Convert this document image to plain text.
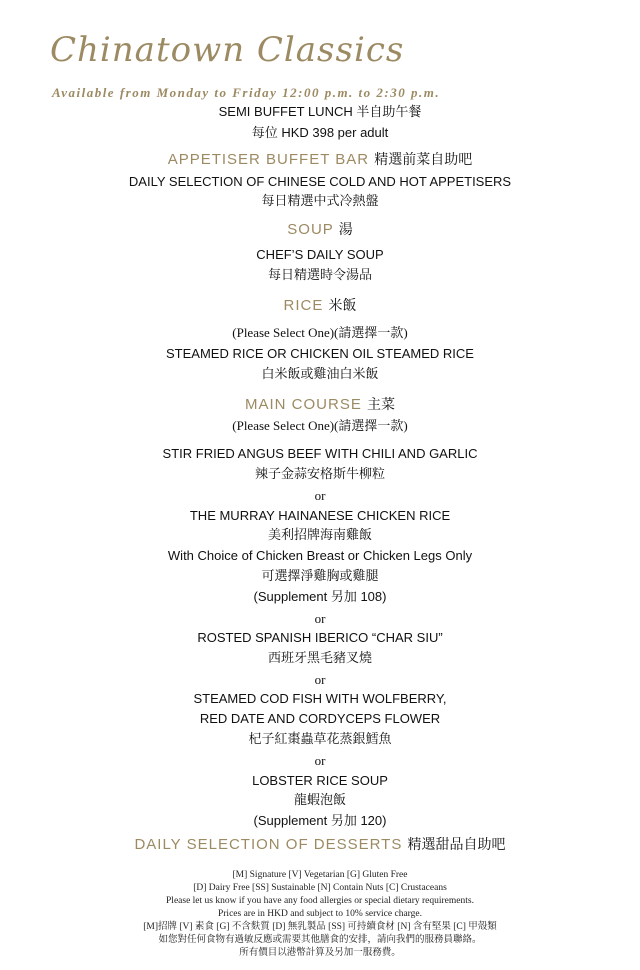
Chinatown Classics
Available from Monday to Friday 12:00 p.m. to 2:30 p.m.
SEMI BUFFET LUNCH 半自助午餐
每位 HKD 398 per adult
APPETISER BUFFET BAR 精選前菜自助吧
DAILY SELECTION OF CHINESE COLD AND HOT APPETISERS
每日精選中式冷熱盤
SOUP 湯
CHEF’S DAILY SOUP
每日精選時令湯品
RICE 米飯
(Please Select One)(請選擇一款)
STEAMED RICE OR CHICKEN OIL STEAMED RICE
白米飯或雞油白米飯
MAIN COURSE 主菜
(Please Select One)(請選擇一款)
STIR FRIED ANGUS BEEF WITH CHILI AND GARLIC
辣子金蒜安格斯牛柳粒
or
THE MURRAY HAINANESE CHICKEN RICE
美利招牌海南雞飯
With Choice of Chicken Breast or Chicken Legs Only
可選擇淨雞胸或雞腿
(Supplement 另加 108)
or
ROSTED SPANISH IBERICO “CHAR SIU”
西班牙黑毛豬叉燒
or
STEAMED COD FISH WITH WOLFBERRY,
RED DATE AND CORDYCEPS FLOWER
杞子紅棗蟲草花蒸銀鱈魚
or
LOBSTER RICE SOUP
龍蝦泡飯
(Supplement 另加 120)
DAILY SELECTION OF DESSERTS 精選甜品自助吧
[M] Signature [V] Vegetarian [G] Gluten Free
[D] Dairy Free [SS] Sustainable [N] Contain Nuts [C] Crustaceans
Please let us know if you have any food allergies or special dietary requirements.
Prices are in HKD and subject to 10% service charge.
[M]招牌 [V] 素食 [G] 不含麩質 [D] 無乳製品 [SS] 可持續食材 [N] 含有堅果 [C] 甲殼類
如您對任何食物有過敏反應或需要其他膳食的安排，請向我們的服務員聯絡。
所有價目以港幣計算及另加一服務費。
